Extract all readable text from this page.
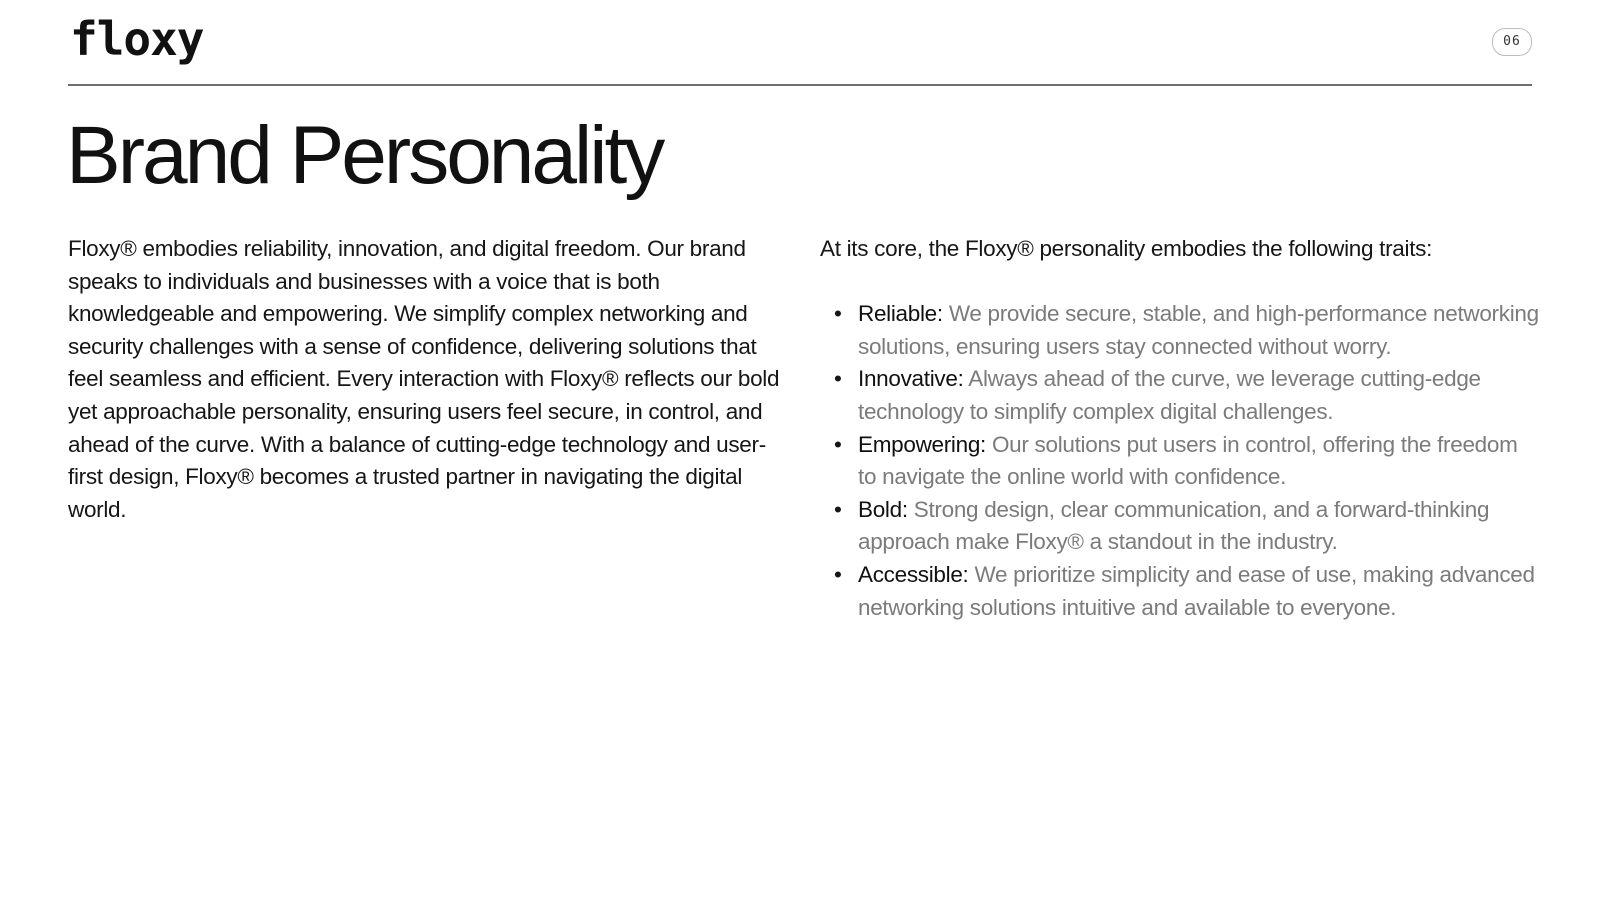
floxy	06
Brand Personality

Floxy® embodies reliability, innovation, and digital freedom. Our brand speaks to individuals and businesses with a voice that is both knowledgeable and empowering. We simplify complex networking and security challenges with a sense of confidence, delivering solutions that feel seamless and efficient. Every interaction with Floxy® reflects our bold yet approachable personality, ensuring users feel secure, in control, and ahead of the curve. With a balance of cutting-edge technology and user-first design, Floxy® becomes a trusted partner in navigating the digital world.

At its core, the Floxy® personality embodies the following traits:

• Reliable: We provide secure, stable, and high-performance networking solutions, ensuring users stay connected without worry.
• Innovative: Always ahead of the curve, we leverage cutting-edge technology to simplify complex digital challenges.
• Empowering: Our solutions put users in control, offering the freedom to navigate the online world with confidence.
• Bold: Strong design, clear communication, and a forward-thinking approach make Floxy® a standout in the industry.
• Accessible: We prioritize simplicity and ease of use, making advanced networking solutions intuitive and available to everyone.
